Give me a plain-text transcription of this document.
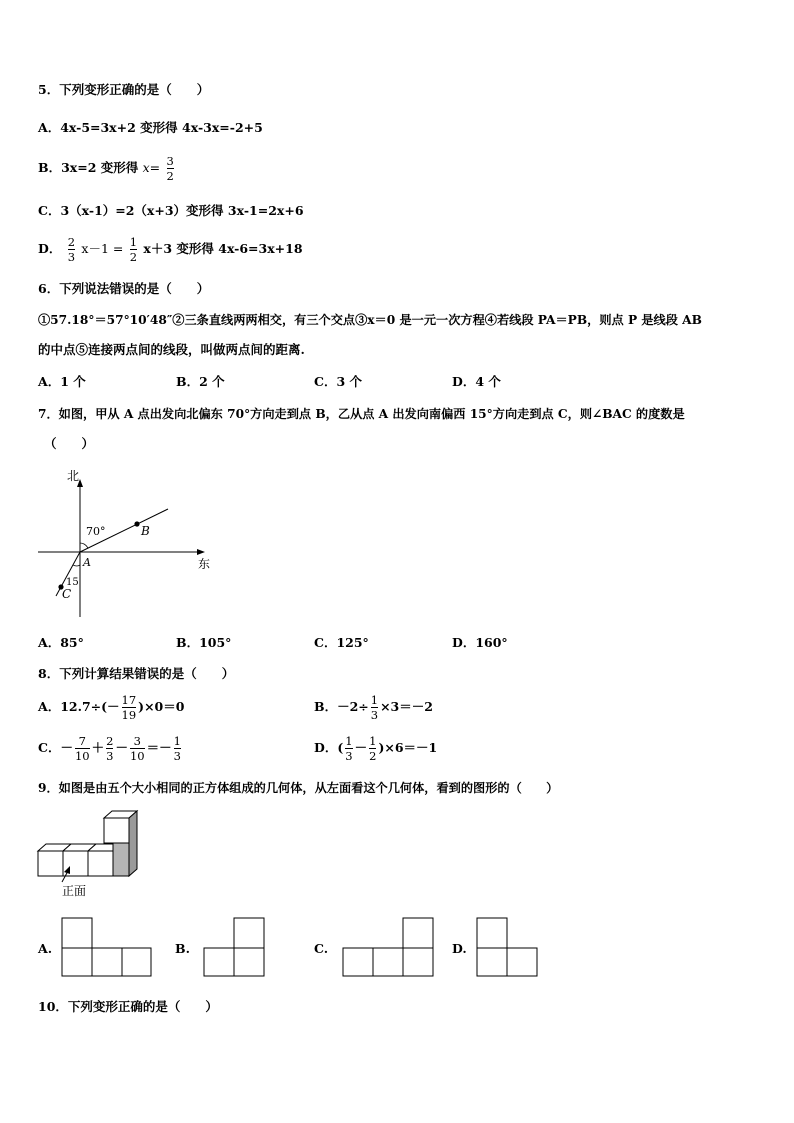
5．下列变形正确的是（　　）
A．4x-5=3x+2 变形得 4x-3x=-2+5
B．3x=2 变形得 $x= \frac{3}{2}$
C．3（x-1）=2（x+3）变形得 3x-1=2x+6
D． $\frac{2}{3} x-1 = \frac{1}{2} x+3$ 变形得 4x-6=3x+18
6．下列说法错误的是（　　）
①57.18°＝57°10′48″②三条直线两两相交，有三个交点③x＝0 是一元一次方程④若线段 PA＝PB，则点 P 是线段 AB
的中点⑤连接两点间的线段，叫做两点间的距离.
A．1 个	B．2 个	C．3 个	D．4 个
7．如图，甲从 A 点出发向北偏东 70°方向走到点 B，乙从点 A 出发向南偏西 15°方向走到点 C，则∠BAC 的度数是
（　　）
北
东
70°
15
A
B
C
A．85°	B．105°	C．125°	D．160°
8．下列计算结果错误的是（　　）
A．$12.7\div(- \frac{17}{19} )\times 0=0$	B．$-2\div \frac{1}{3} \times 3=-2$
C．－ $\frac{7}{10} + \frac{2}{3} - \frac{3}{10} =- \frac{1}{3}$	D．( $\frac{1}{3} - \frac{1}{2} )\times 6=-1$
9．如图是由五个大小相同的正方体组成的几何体，从左面看这个几何体，看到的图形的（　　）
正面
A.	B.	C.	D.
10．下列变形正确的是（　　）
